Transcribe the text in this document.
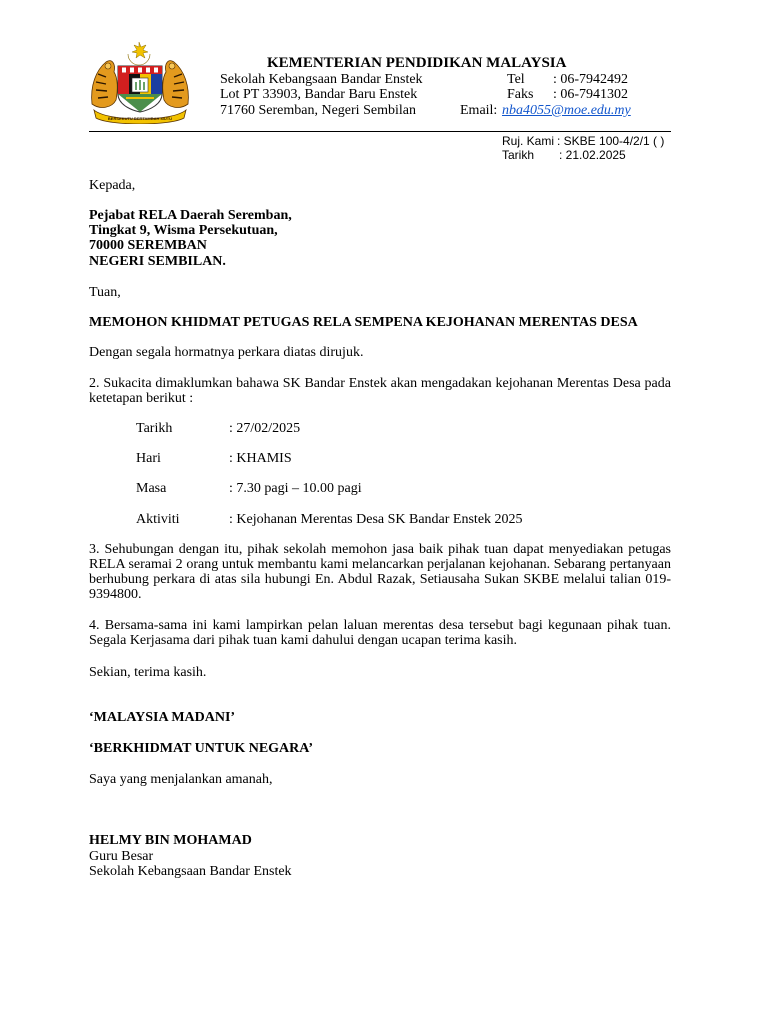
BERSEKUTU BERTAMBAH MUTU
KEMENTERIAN PENDIDIKAN MALAYSIA
Sekolah Kebangsaan Bandar Enstek
Lot PT 33903, Bandar Baru Enstek
71760 Seremban, Negeri Sembilan
Tel : 06-7942492
Faks : 06-7941302
Email: nba4055@moe.edu.my
Ruj. Kami : SKBE 100-4/2/1 ( )
Tarikh : 21.02.2025
Kepada,
Pejabat RELA Daerah Seremban,
Tingkat 9, Wisma Persekutuan,
70000 SEREMBAN
NEGERI SEMBILAN.
Tuan,
MEMOHON KHIDMAT PETUGAS RELA SEMPENA KEJOHANAN MERENTAS DESA
Dengan segala hormatnya perkara diatas dirujuk.
2. Sukacita dimaklumkan bahawa SK Bandar Enstek akan mengadakan kejohanan Merentas Desa pada ketetapan berikut :
Tarikh	: 27/02/2025
Hari	: KHAMIS
Masa	: 7.30 pagi – 10.00 pagi
Aktiviti	: Kejohanan Merentas Desa SK Bandar Enstek 2025
3. Sehubungan dengan itu, pihak sekolah memohon jasa baik pihak tuan dapat menyediakan petugas RELA seramai 2 orang untuk membantu kami melancarkan perjalanan kejohanan. Sebarang pertanyaan berhubung perkara di atas sila hubungi En. Abdul Razak, Setiausaha Sukan SKBE melalui talian 019-9394800.
4. Bersama-sama ini kami lampirkan pelan laluan merentas desa tersebut bagi kegunaan pihak tuan. Segala Kerjasama dari pihak tuan kami dahului dengan ucapan terima kasih.
Sekian, terima kasih.
‘MALAYSIA MADANI’
‘BERKHIDMAT UNTUK NEGARA’
Saya yang menjalankan amanah,
HELMY BIN MOHAMAD
Guru Besar
Sekolah Kebangsaan Bandar Enstek
